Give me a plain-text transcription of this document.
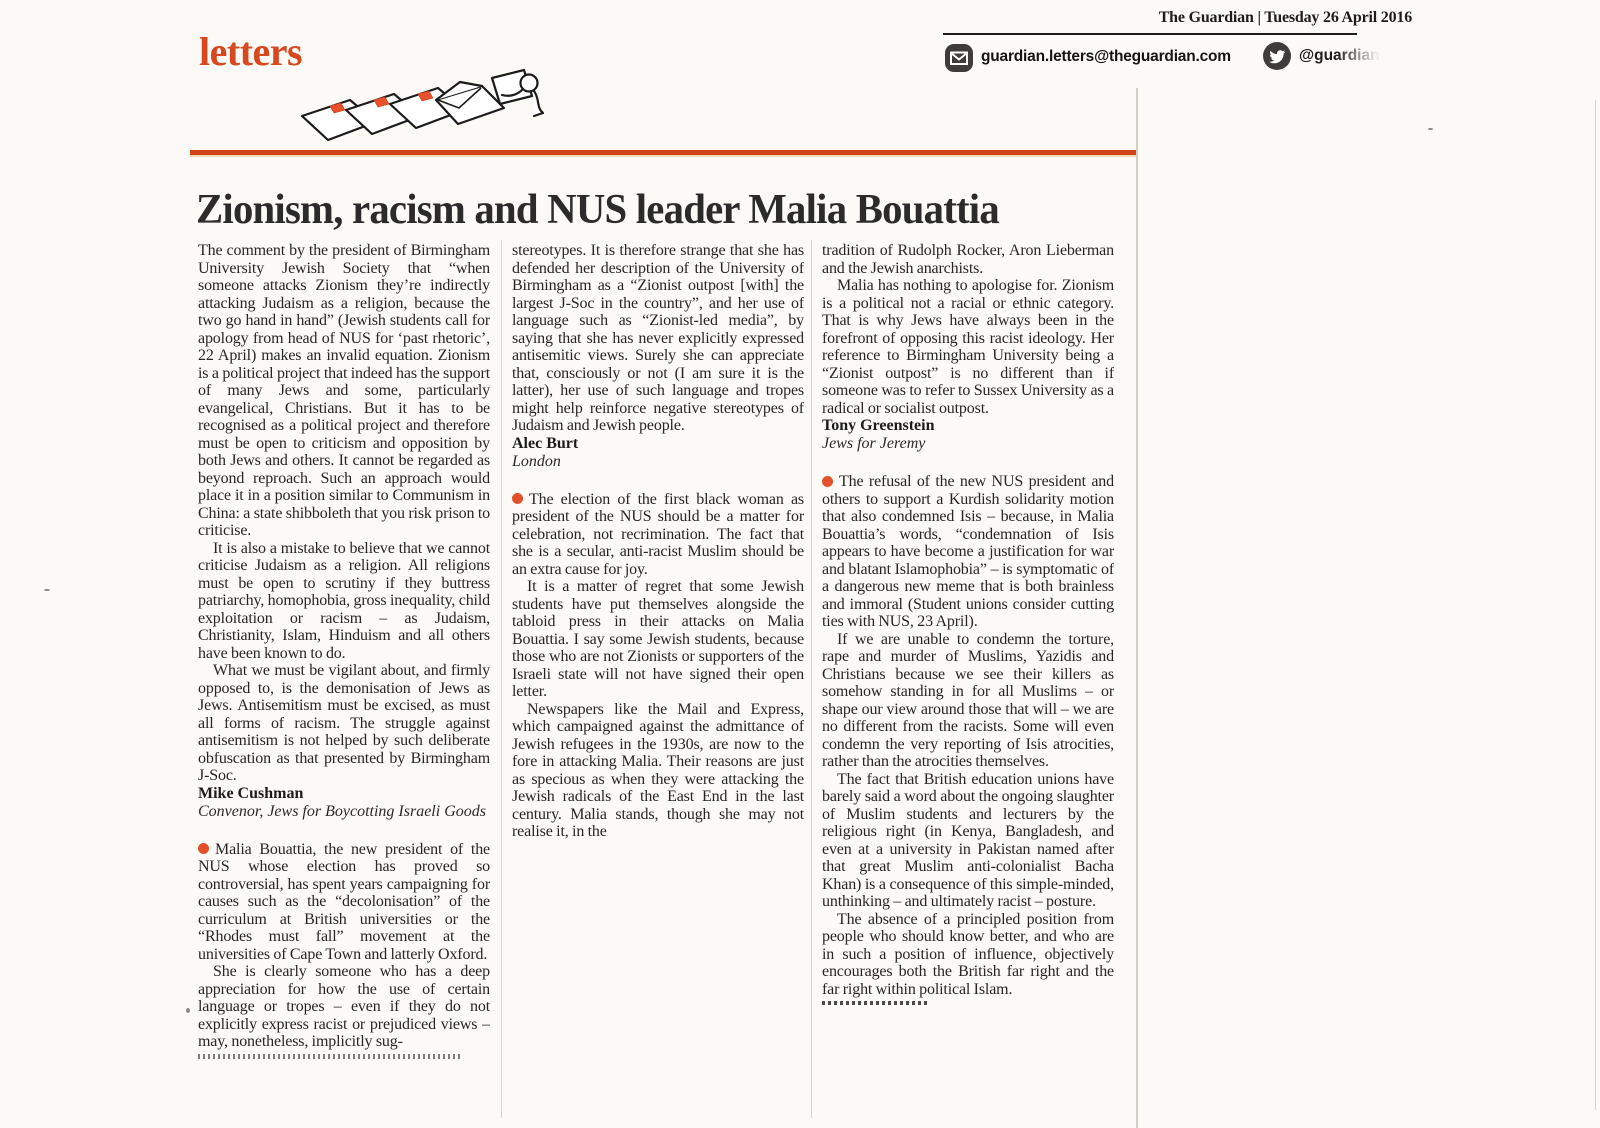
The Guardian | Tuesday 26 April 2016
guardian.letters@theguardian.com	@guardian
letters
Zionism, racism and NUS leader Malia Bouattia

The comment by the president of Birmingham University Jewish Society that “when someone attacks Zionism they’re indirectly attacking Judaism as a religion, because the two go hand in hand” (Jewish students call for apology from head of NUS for ‘past rhetoric’, 22 April) makes an invalid equation. Zionism is a political project that indeed has the support of many Jews and some, particularly evangelical, Christians. But it has to be recognised as a political project and therefore must be open to criticism and opposition by both Jews and others. It cannot be regarded as beyond reproach. Such an approach would place it in a position similar to Communism in China: a state shibboleth that you risk prison to criticise.

It is also a mistake to believe that we cannot criticise Judaism as a religion. All religions must be open to scrutiny if they buttress patriarchy, homophobia, gross inequality, child exploitation or racism – as Judaism, Christianity, Islam, Hinduism and all others have been known to do.

What we must be vigilant about, and firmly opposed to, is the demonisation of Jews as Jews. Antisemitism must be excised, as must all forms of racism. The struggle against antisemitism is not helped by such deliberate obfuscation as that presented by Birmingham J-Soc.

Mike Cushman

Convenor, Jews for Boycotting Israeli Goods

Malia Bouattia, the new president of the NUS whose election has proved so controversial, has spent years campaigning for causes such as the “decolonisation” of the curriculum at British universities or the “Rhodes must fall” movement at the universities of Cape Town and latterly Oxford.

She is clearly someone who has a deep appreciation for how the use of certain language or tropes – even if they do not explicitly express racist or prejudiced views – may, nonetheless, implicitly sug-

stereotypes. It is therefore strange that she has defended her description of the University of Birmingham as a “Zionist outpost [with] the largest J-Soc in the country”, and her use of language such as “Zionist-led media”, by saying that she has never explicitly expressed antisemitic views. Surely she can appreciate that, consciously or not (I am sure it is the latter), her use of such language and tropes might help reinforce negative stereotypes of Judaism and Jewish people.

Alec Burt

London

The election of the first black woman as president of the NUS should be a matter for celebration, not recrimination. The fact that she is a secular, anti-racist Muslim should be an extra cause for joy.

It is a matter of regret that some Jewish students have put themselves alongside the tabloid press in their attacks on Malia Bouattia. I say some Jewish students, because those who are not Zionists or supporters of the Israeli state will not have signed their open letter.

Newspapers like the Mail and Express, which campaigned against the admittance of Jewish refugees in the 1930s, are now to the fore in attacking Malia. Their reasons are just as specious as when they were attacking the Jewish radicals of the East End in the last century. Malia stands, though she may not realise it, in the

tradition of Rudolph Rocker, Aron Lieberman and the Jewish anarchists.

Malia has nothing to apologise for. Zionism is a political not a racial or ethnic category. That is why Jews have always been in the forefront of opposing this racist ideology. Her reference to Birmingham University being a “Zionist outpost” is no different than if someone was to refer to Sussex University as a radical or socialist outpost.

Tony Greenstein

Jews for Jeremy

The refusal of the new NUS president and others to support a Kurdish solidarity motion that also condemned Isis – because, in Malia Bouattia’s words, “condemnation of Isis appears to have become a justification for war and blatant Islamophobia” – is symptomatic of a dangerous new meme that is both brainless and immoral (Student unions consider cutting ties with NUS, 23 April).

If we are unable to condemn the torture, rape and murder of Muslims, Yazidis and Christians because we see their killers as somehow standing in for all Muslims – or shape our view around those that will – we are no different from the racists. Some will even condemn the very reporting of Isis atrocities, rather than the atrocities themselves.

The fact that British education unions have barely said a word about the ongoing slaughter of Muslim students and lecturers by the religious right (in Kenya, Bangladesh, and even at a university in Pakistan named after that great Muslim anti-colonialist Bacha Khan) is a consequence of this simple-minded, unthinking – and ultimately racist – posture.

The absence of a principled position from people who should know better, and who are in such a position of influence, objectively encourages both the British far right and the far right within political Islam.
